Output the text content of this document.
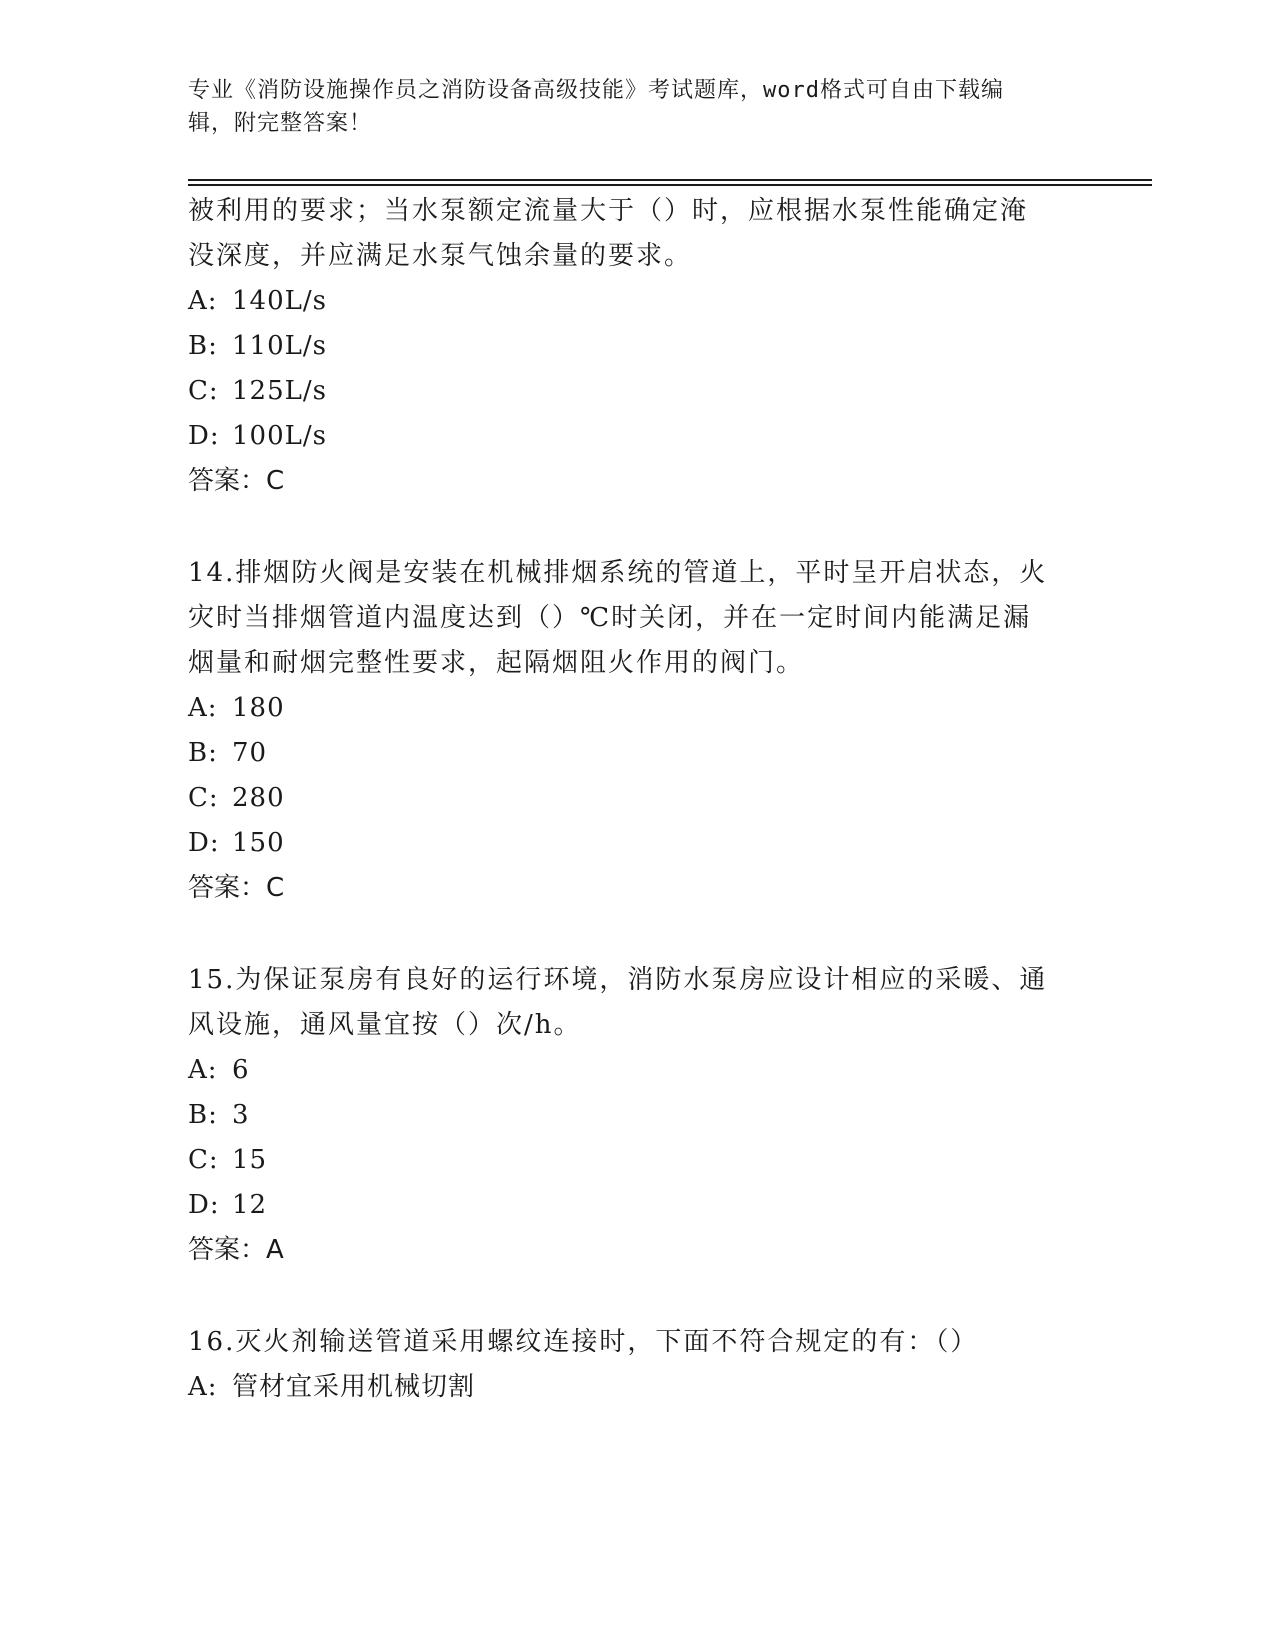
专业《消防设施操作员之消防设备高级技能》考试题库，word格式可自由下载编
辑，附完整答案！

被利用的要求；当水泵额定流量大于（）时，应根据水泵性能确定淹

没深度，并应满足水泵气蚀余量的要求。

A: 140L/s

B: 110L/s

C: 125L/s

D: 100L/s

答案：C

14.排烟防火阀是安装在机械排烟系统的管道上，平时呈开启状态，火

灾时当排烟管道内温度达到（）℃时关闭，并在一定时间内能满足漏

烟量和耐烟完整性要求，起隔烟阻火作用的阀门。

A: 180

B: 70

C: 280

D: 150

答案：C

15.为保证泵房有良好的运行环境，消防水泵房应设计相应的采暖、通

风设施，通风量宜按（）次/h。

A: 6

B: 3

C: 15

D: 12

答案：A

16.灭火剂输送管道采用螺纹连接时，下面不符合规定的有：（）

A: 管材宜采用机械切割
